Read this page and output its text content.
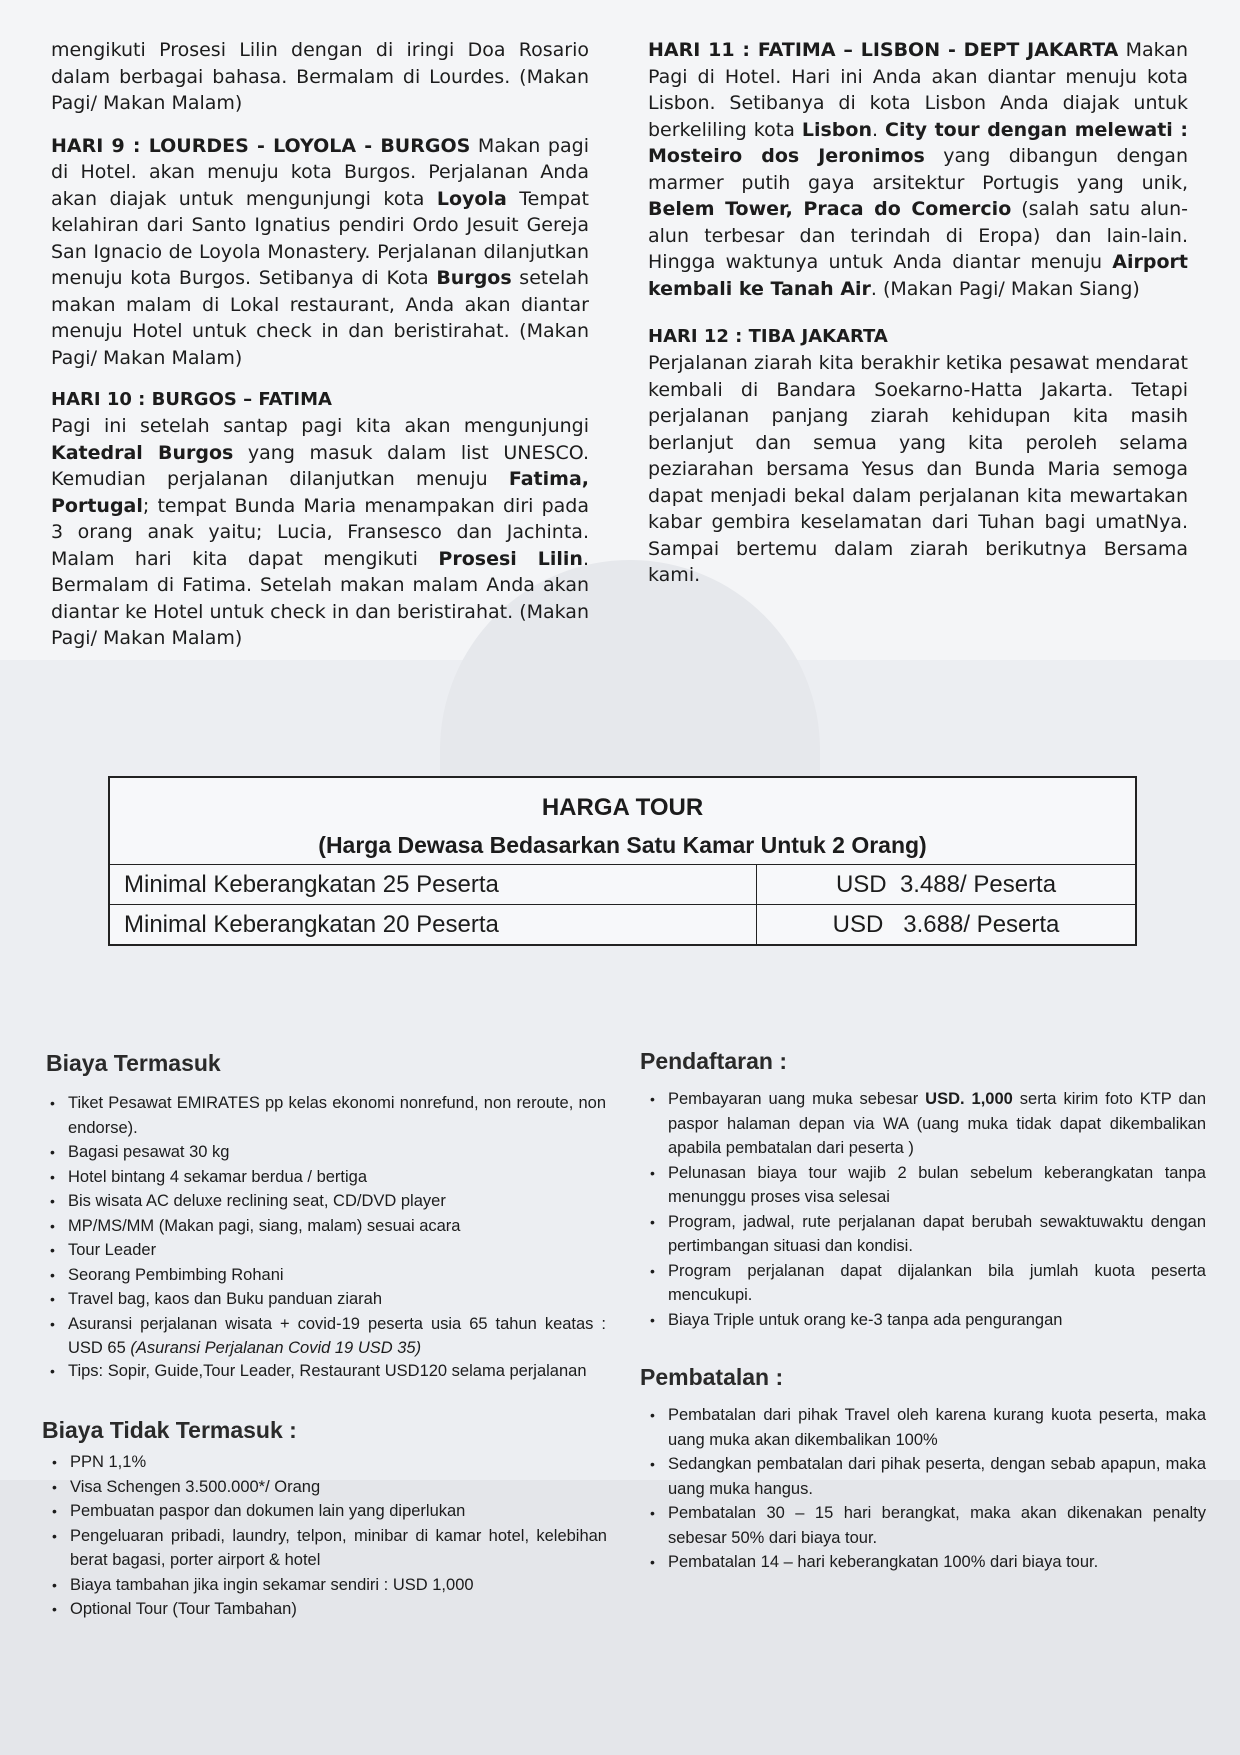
mengikuti Prosesi Lilin dengan di iringi Doa Rosario dalam berbagai bahasa. Bermalam di Lourdes. (Makan Pagi/ Makan Malam)
HARI 9 : LOURDES - LOYOLA - BURGOS Makan pagi di Hotel. akan menuju kota Burgos. Perjalanan Anda akan diajak untuk mengunjungi kota Loyola Tempat kelahiran dari Santo Ignatius pendiri Ordo Jesuit Gereja San Ignacio de Loyola Monastery. Perjalanan dilanjutkan menuju kota Burgos. Setibanya di Kota Burgos setelah makan malam di Lokal restaurant, Anda akan diantar menuju Hotel untuk check in dan beristirahat. (Makan Pagi/ Makan Malam)
HARI 10 : BURGOS – FATIMA
Pagi ini setelah santap pagi kita akan mengunjungi Katedral Burgos yang masuk dalam list UNESCO. Kemudian perjalanan dilanjutkan menuju Fatima, Portugal; tempat Bunda Maria menampakan diri pada 3 orang anak yaitu; Lucia, Fransesco dan Jachinta. Malam hari kita dapat mengikuti Prosesi Lilin. Bermalam di Fatima. Setelah makan malam Anda akan diantar ke Hotel untuk check in dan beristirahat. (Makan Pagi/ Makan Malam)
HARI 11 : FATIMA – LISBON - DEPT JAKARTA Makan Pagi di Hotel. Hari ini Anda akan diantar menuju kota Lisbon. Setibanya di kota Lisbon Anda diajak untuk berkeliling kota Lisbon. City tour dengan melewati : Mosteiro dos Jeronimos yang dibangun dengan marmer putih gaya arsitektur Portugis yang unik, Belem Tower, Praca do Comercio (salah satu alun-alun terbesar dan terindah di Eropa) dan lain-lain. Hingga waktunya untuk Anda diantar menuju Airport kembali ke Tanah Air. (Makan Pagi/ Makan Siang)
HARI 12 : TIBA JAKARTA
Perjalanan ziarah kita berakhir ketika pesawat mendarat kembali di Bandara Soekarno-Hatta Jakarta. Tetapi perjalanan panjang ziarah kehidupan kita masih berlanjut dan semua yang kita peroleh selama peziarahan bersama Yesus dan Bunda Maria semoga dapat menjadi bekal dalam perjalanan kita mewartakan kabar gembira keselamatan dari Tuhan bagi umatNya. Sampai bertemu dalam ziarah berikutnya Bersama kami.
HARGA TOUR
(Harga Dewasa Bedasarkan Satu Kamar Untuk 2 Orang)	

Minimal Keberangkatan 25 Peserta	USD  3.488/ Peserta
Minimal Keberangkatan 20 Peserta	USD   3.688/ Peserta
Biaya Termasuk
• Tiket Pesawat EMIRATES pp kelas ekonomi nonrefund, non reroute, non endorse).
• Bagasi pesawat 30 kg
• Hotel bintang 4 sekamar berdua / bertiga
• Bis wisata AC deluxe reclining seat, CD/DVD player
• MP/MS/MM (Makan pagi, siang, malam) sesuai acara
• Tour Leader
• Seorang Pembimbing Rohani
• Travel bag, kaos dan Buku panduan ziarah
• Asuransi perjalanan wisata + covid-19 peserta usia 65 tahun keatas : USD 65 (Asuransi Perjalanan Covid 19 USD 35)
• Tips: Sopir, Guide,Tour Leader, Restaurant USD120 selama perjalanan
Biaya Tidak Termasuk :
• PPN 1,1%
• Visa Schengen 3.500.000*/ Orang
• Pembuatan paspor dan dokumen lain yang diperlukan
• Pengeluaran pribadi, laundry, telpon, minibar di kamar hotel, kelebihan berat bagasi, porter airport & hotel
• Biaya tambahan jika ingin sekamar sendiri : USD 1,000
• Optional Tour (Tour Tambahan)
Pendaftaran :
• Pembayaran uang muka sebesar USD. 1,000 serta kirim foto KTP dan paspor halaman depan via WA (uang muka tidak dapat dikembalikan apabila pembatalan dari peserta )
• Pelunasan biaya tour wajib 2 bulan sebelum keberangkatan tanpa menunggu proses visa selesai
• Program, jadwal, rute perjalanan dapat berubah sewaktuwaktu dengan pertimbangan situasi dan kondisi.
• Program perjalanan dapat dijalankan bila jumlah kuota peserta mencukupi.
• Biaya Triple untuk orang ke-3 tanpa ada pengurangan
Pembatalan :
• Pembatalan dari pihak Travel oleh karena kurang kuota peserta, maka uang muka akan dikembalikan 100%
• Sedangkan pembatalan dari pihak peserta, dengan sebab apapun, maka uang muka hangus.
• Pembatalan 30 – 15 hari berangkat, maka akan dikenakan penalty sebesar 50% dari biaya tour.
• Pembatalan 14 – hari keberangkatan 100% dari biaya tour.
